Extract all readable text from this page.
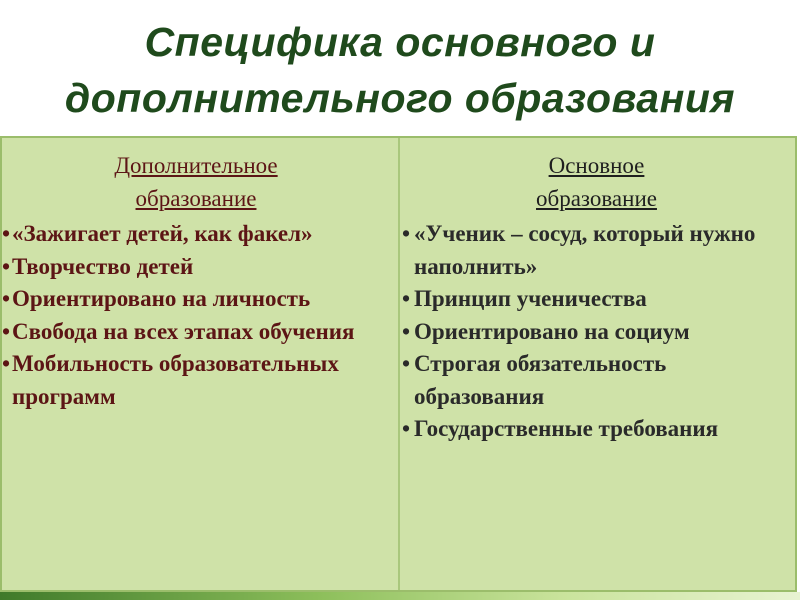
Специфика основного и
дополнительного образования
Дополнительное
образование
•«Зажигает детей, как факел»
•Творчество детей
•Ориентировано на личность
•Свобода на всех этапах обучения
•Мобильность образовательных программ
Основное
образование
• «Ученик – сосуд, который нужно наполнить»
• Принцип ученичества
• Ориентировано на социум
• Строгая обязательность образования
• Государственные требования
